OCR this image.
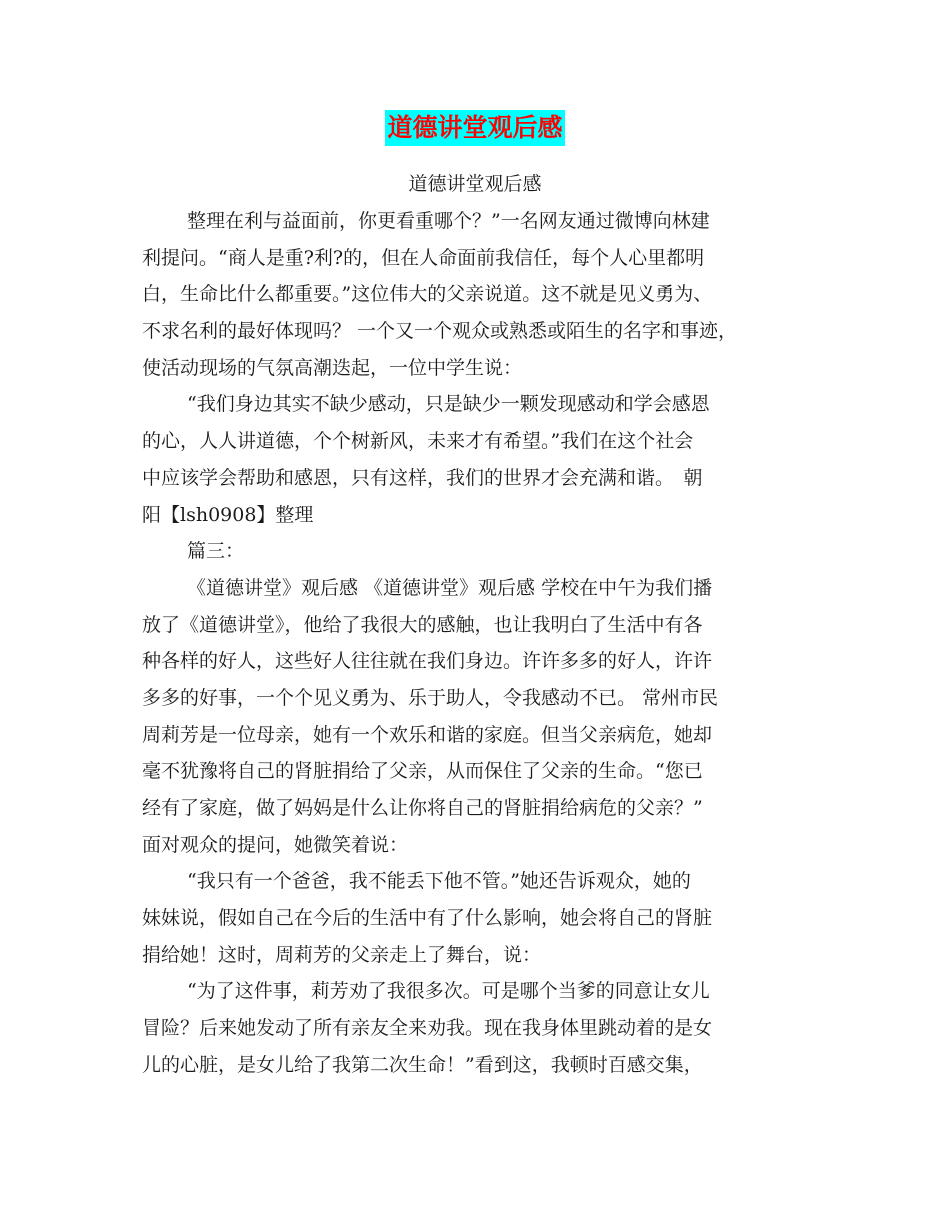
道德讲堂观后感
道德讲堂观后感
整理在利与益面前，你更看重哪个？”一名网友通过微博向林建
利提问。“商人是重?利?的，但在人命面前我信任，每个人心里都明
白，生命比什么都重要。”这位伟大的父亲说道。这不就是见义勇为、
不求名利的最好体现吗？ 一个又一个观众或熟悉或陌生的名字和事迹，
使活动现场的气氛高潮迭起，一位中学生说：
“我们身边其实不缺少感动，只是缺少一颗发现感动和学会感恩
的心，人人讲道德，个个树新风，未来才有希望。”我们在这个社会
中应该学会帮助和感恩，只有这样，我们的世界才会充满和谐。　朝
阳【lsh0908】整理
篇三：
《道德讲堂》观后感 《道德讲堂》观后感 学校在中午为我们播
放了《道德讲堂》，他给了我很大的感触，也让我明白了生活中有各
种各样的好人，这些好人往往就在我们身边。许许多多的好人，许许
多多的好事，一个个见义勇为、乐于助人，令我感动不已。 常州市民
周莉芳是一位母亲，她有一个欢乐和谐的家庭。但当父亲病危，她却
毫不犹豫将自己的肾脏捐给了父亲，从而保住了父亲的生命。“您已
经有了家庭，做了妈妈是什么让你将自己的肾脏捐给病危的父亲？”
面对观众的提问，她微笑着说：
“我只有一个爸爸，我不能丢下他不管。”她还告诉观众，她的
妹妹说，假如自己在今后的生活中有了什么影响，她会将自己的肾脏
捐给她！这时，周莉芳的父亲走上了舞台，说：
“为了这件事，莉芳劝了我很多次。可是哪个当爹的同意让女儿
冒险？后来她发动了所有亲友全来劝我。现在我身体里跳动着的是女
儿的心脏，是女儿给了我第二次生命！”看到这，我顿时百感交集，
